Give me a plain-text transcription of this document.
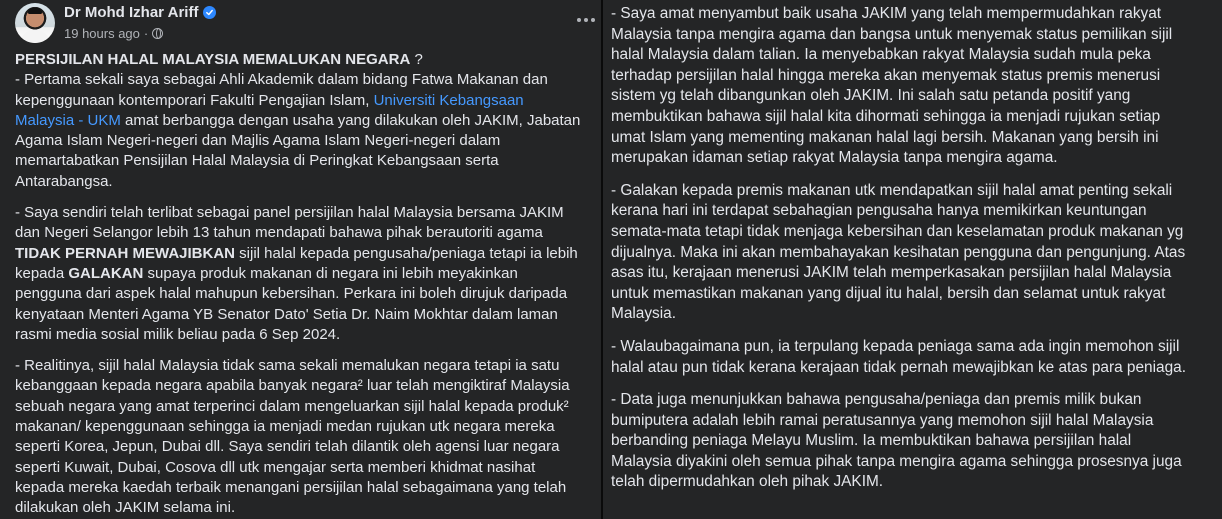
Dr Mohd Izhar Ariff
19 hours ago ·

PERSIJILAN HALAL MALAYSIA MEMALUKAN NEGARA ?

- Pertama sekali saya sebagai Ahli Akademik dalam bidang Fatwa Makanan dan

kepenggunaan kontemporari Fakulti Pengajian Islam, Universiti Kebangsaan

Malaysia - UKM amat berbangga dengan usaha yang dilakukan oleh JAKIM, Jabatan

Agama Islam Negeri-negeri dan Majlis Agama Islam Negeri-negeri dalam

memartabatkan Pensijilan Halal Malaysia di Peringkat Kebangsaan serta

Antarabangsa.

- Saya sendiri telah terlibat sebagai panel persijilan halal Malaysia bersama JAKIM

dan Negeri Selangor lebih 13 tahun mendapati bahawa pihak berautoriti agama

TIDAK PERNAH MEWAJIBKAN sijil halal kepada pengusaha/peniaga tetapi ia lebih

kepada GALAKAN supaya produk makanan di negara ini lebih meyakinkan

pengguna dari aspek halal mahupun kebersihan. Perkara ini boleh dirujuk daripada

kenyataan Menteri Agama YB Senator Dato' Setia Dr. Naim Mokhtar dalam laman

rasmi media sosial milik beliau pada 6 Sep 2024.

- Realitinya, sijil halal Malaysia tidak sama sekali memalukan negara tetapi ia satu

kebanggaan kepada negara apabila banyak negara² luar telah mengiktiraf Malaysia

sebuah negara yang amat terperinci dalam mengeluarkan sijil halal kepada produk²

makanan/ kepenggunaan sehingga ia menjadi medan rujukan utk negara mereka

seperti Korea, Jepun, Dubai dll. Saya sendiri telah dilantik oleh agensi luar negara

seperti Kuwait, Dubai, Cosova dll utk mengajar serta memberi khidmat nasihat

kepada mereka kaedah terbaik menangani persijilan halal sebagaimana yang telah

dilakukan oleh JAKIM selama ini.

- Saya amat menyambut baik usaha JAKIM yang telah mempermudahkan rakyat

Malaysia tanpa mengira agama dan bangsa untuk menyemak status pemilikan sijil

halal Malaysia dalam talian. Ia menyebabkan rakyat Malaysia sudah mula peka

terhadap persijilan halal hingga mereka akan menyemak status premis menerusi

sistem yg telah dibangunkan oleh JAKIM. Ini salah satu petanda positif yang

membuktikan bahawa sijil halal kita dihormati sehingga ia menjadi rujukan setiap

umat Islam yang mementing makanan halal lagi bersih. Makanan yang bersih ini

merupakan idaman setiap rakyat Malaysia tanpa mengira agama.

- Galakan kepada premis makanan utk mendapatkan sijil halal amat penting sekali

kerana hari ini terdapat sebahagian pengusaha hanya memikirkan keuntungan

semata-mata tetapi tidak menjaga kebersihan dan keselamatan produk makanan yg

dijualnya. Maka ini akan membahayakan kesihatan pengguna dan pengunjung. Atas

asas itu, kerajaan menerusi JAKIM telah memperkasakan persijilan halal Malaysia

untuk memastikan makanan yang dijual itu halal, bersih dan selamat untuk rakyat

Malaysia.

- Walaubagaimana pun, ia terpulang kepada peniaga sama ada ingin memohon sijil

halal atau pun tidak kerana kerajaan tidak pernah mewajibkan ke atas para peniaga.

- Data juga menunjukkan bahawa pengusaha/peniaga dan premis milik bukan

bumiputera adalah lebih ramai peratusannya yang memohon sijil halal Malaysia

berbanding peniaga Melayu Muslim. Ia membuktikan bahawa persijilan halal

Malaysia diyakini oleh semua pihak tanpa mengira agama sehingga prosesnya juga

telah dipermudahkan oleh pihak JAKIM.
